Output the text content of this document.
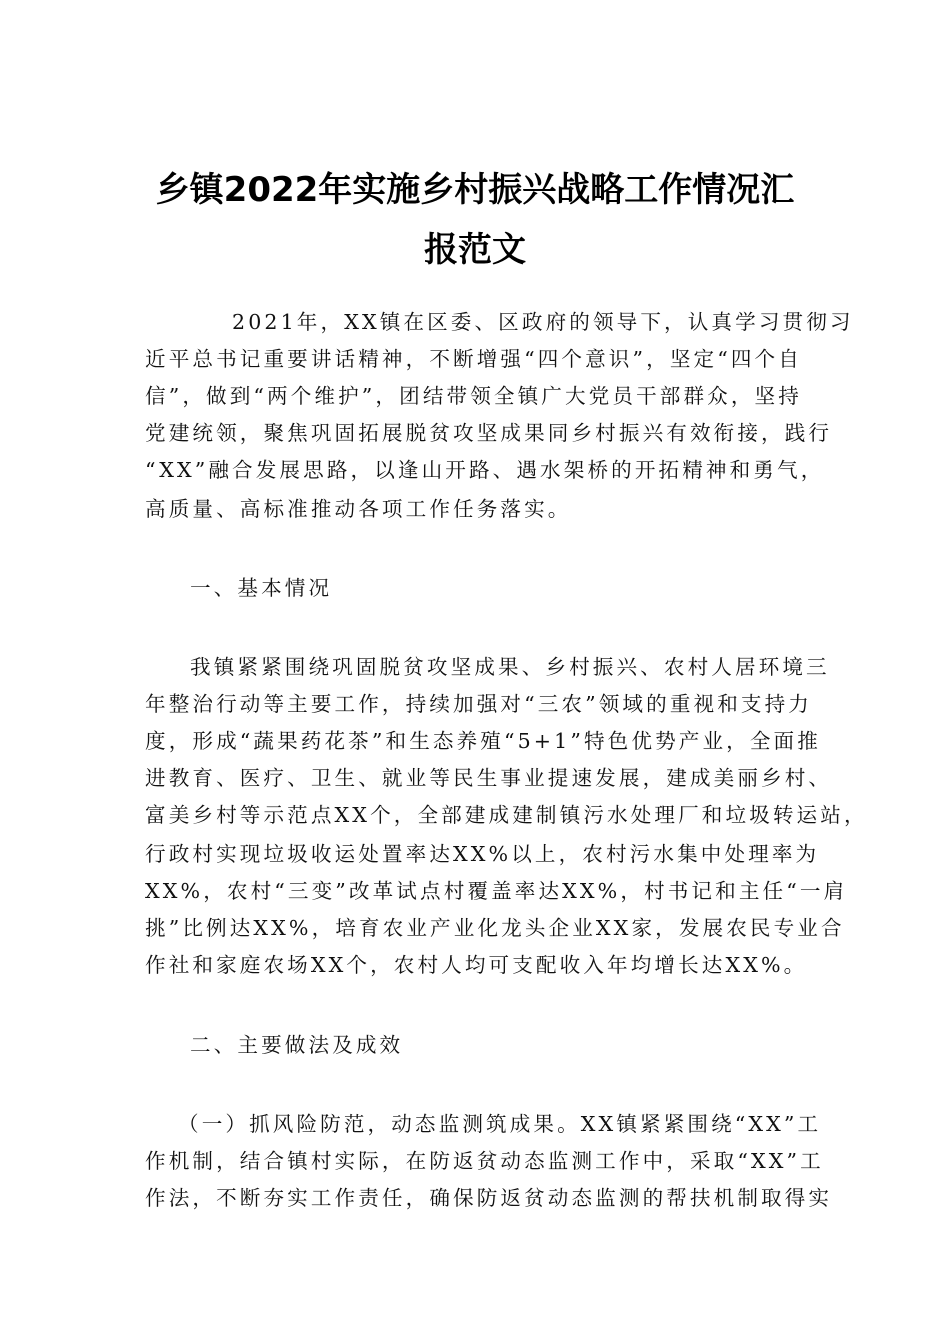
乡镇2022年实施乡村振兴战略工作情况汇
报范文
2021年，XX镇在区委、区政府的领导下，认真学习贯彻习
近平总书记重要讲话精神，不断增强“四个意识”，坚定“四个自
信”，做到“两个维护”，团结带领全镇广大党员干部群众，坚持
党建统领，聚焦巩固拓展脱贫攻坚成果同乡村振兴有效衔接，践行
“XX”融合发展思路，以逢山开路、遇水架桥的开拓精神和勇气，
高质量、高标准推动各项工作任务落实。
一、基本情况
我镇紧紧围绕巩固脱贫攻坚成果、乡村振兴、农村人居环境三
年整治行动等主要工作，持续加强对“三农”领域的重视和支持力
度，形成“蔬果药花茶”和生态养殖“5+1”特色优势产业，全面推
进教育、医疗、卫生、就业等民生事业提速发展，建成美丽乡村、
富美乡村等示范点XX个，全部建成建制镇污水处理厂和垃圾转运站，
行政村实现垃圾收运处置率达XX%以上，农村污水集中处理率为
XX%，农村“三变”改革试点村覆盖率达XX%，村书记和主任“一肩
挑”比例达XX%，培育农业产业化龙头企业XX家，发展农民专业合
作社和家庭农场XX个，农村人均可支配收入年均增长达XX%。
二、主要做法及成效
（一）抓风险防范，动态监测筑成果。XX镇紧紧围绕“XX”工
作机制，结合镇村实际，在防返贫动态监测工作中，采取“XX”工
作法，不断夯实工作责任，确保防返贫动态监测的帮扶机制取得实
